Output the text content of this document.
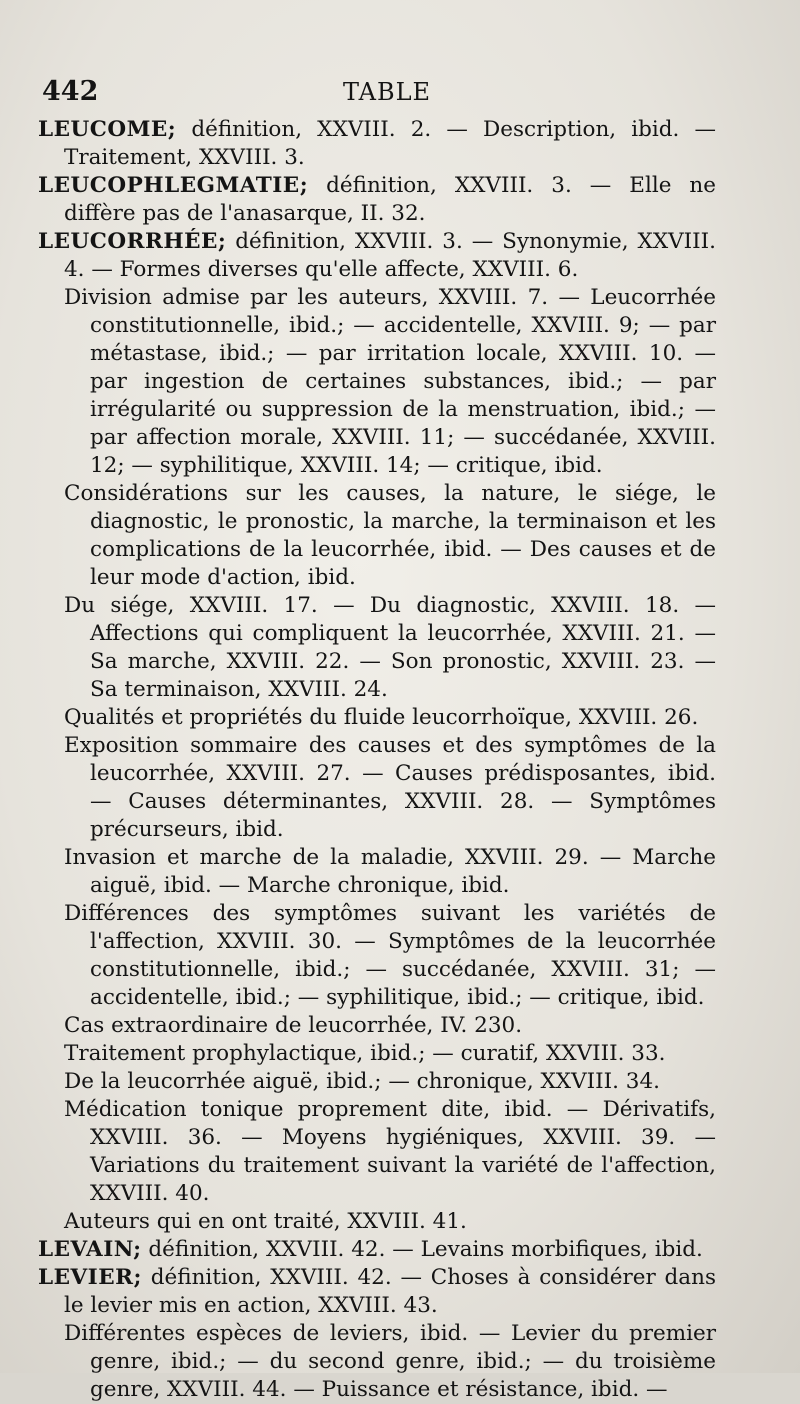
442	TABLE

LEUCOME; définition, XXVIII. 2. — Description, ibid. — Traitement, XXVIII. 3.

LEUCOPHLEGMATIE; définition, XXVIII. 3. — Elle ne diffère pas de l'anasarque, II. 32.

LEUCORRHÉE; définition, XXVIII. 3. — Synonymie, XXVIII. 4. — Formes diverses qu'elle affecte, XXVIII. 6.

Division admise par les auteurs, XXVIII. 7. — Leucorrhée constitutionnelle, ibid.; — accidentelle, XXVIII. 9; — par métastase, ibid.; — par irritation locale, XXVIII. 10. — par ingestion de certaines substances, ibid.; — par irrégularité ou suppression de la menstruation, ibid.; — par affection morale, XXVIII. 11; — succédanée, XXVIII. 12; — syphilitique, XXVIII. 14; — critique, ibid.

Considérations sur les causes, la nature, le siége, le diagnostic, le pronostic, la marche, la terminaison et les complications de la leucorrhée, ibid. — Des causes et de leur mode d'action, ibid.

Du siége, XXVIII. 17. — Du diagnostic, XXVIII. 18. — Affections qui compliquent la leucorrhée, XXVIII. 21. — Sa marche, XXVIII. 22. — Son pronostic, XXVIII. 23. — Sa terminaison, XXVIII. 24.

Qualités et propriétés du fluide leucorrhoïque, XXVIII. 26.

Exposition sommaire des causes et des symptômes de la leucorrhée, XXVIII. 27. — Causes prédisposantes, ibid. — Causes déterminantes, XXVIII. 28. — Symptômes précurseurs, ibid.

Invasion et marche de la maladie, XXVIII. 29. — Marche aiguë, ibid. — Marche chronique, ibid.

Différences des symptômes suivant les variétés de l'affection, XXVIII. 30. — Symptômes de la leucorrhée constitutionnelle, ibid.; — succédanée, XXVIII. 31; — accidentelle, ibid.; — syphilitique, ibid.; — critique, ibid.

Cas extraordinaire de leucorrhée, IV. 230.

Traitement prophylactique, ibid.; — curatif, XXVIII. 33.

De la leucorrhée aiguë, ibid.; — chronique, XXVIII. 34.

Médication tonique proprement dite, ibid. — Dérivatifs, XXVIII. 36. — Moyens hygiéniques, XXVIII. 39. — Variations du traitement suivant la variété de l'affection, XXVIII. 40.

Auteurs qui en ont traité, XXVIII. 41.

LEVAIN; définition, XXVIII. 42. — Levains morbifiques, ibid.

LEVIER; définition, XXVIII. 42. — Choses à considérer dans le levier mis en action, XXVIII. 43.

Différentes espèces de leviers, ibid. — Levier du premier genre, ibid.; — du second genre, ibid.; — du troisième genre, XXVIII. 44. — Puissance et résistance, ibid. —
